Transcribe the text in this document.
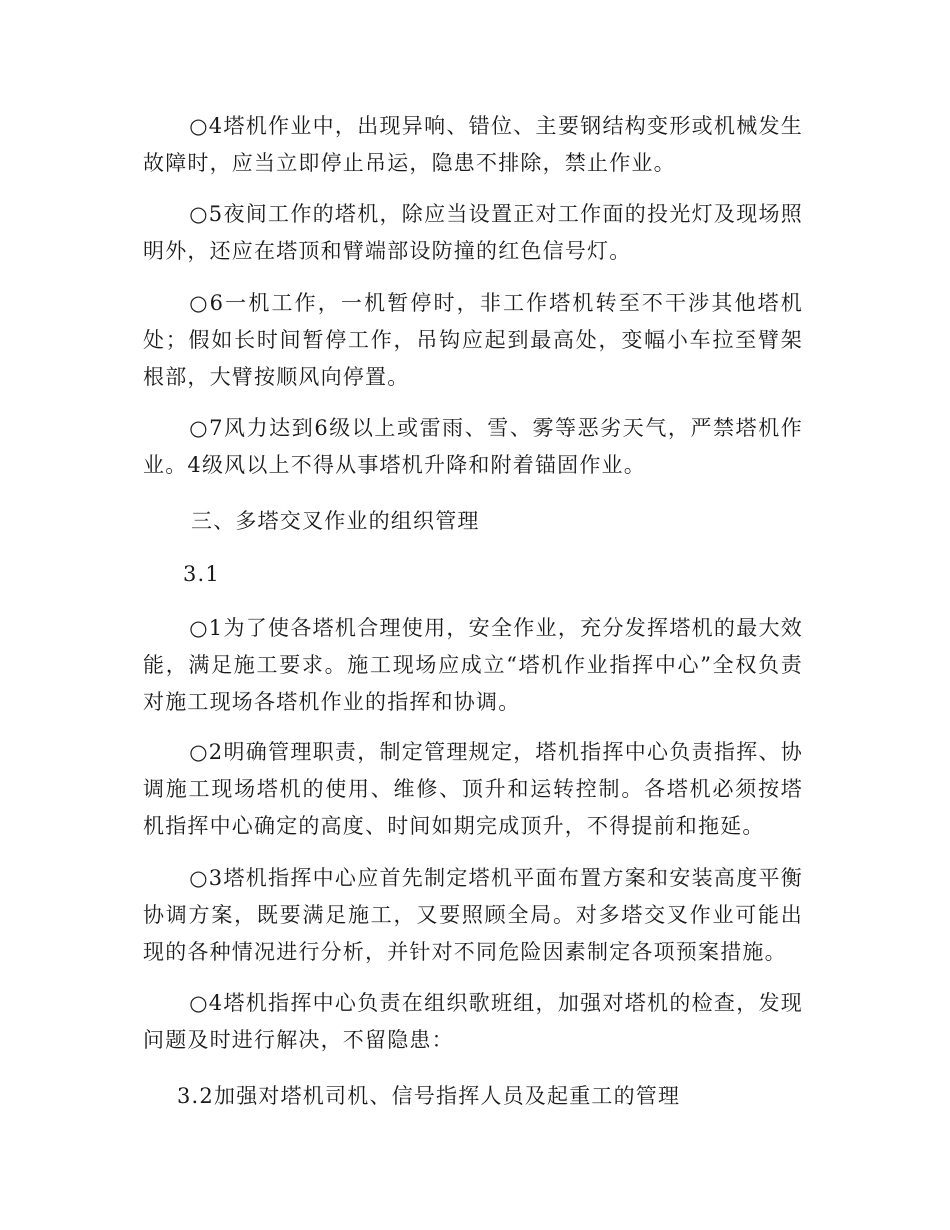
○4塔机作业中，出现异响、错位、主要钢结构变形或机械发生故障时，应当立即停止吊运，隐患不排除，禁止作业。

○5夜间工作的塔机，除应当设置正对工作面的投光灯及现场照明外，还应在塔顶和臂端部设防撞的红色信号灯。

○6一机工作，一机暂停时，非工作塔机转至不干涉其他塔机处；假如长时间暂停工作，吊钩应起到最高处，变幅小车拉至臂架根部，大臂按顺风向停置。

○7风力达到6级以上或雷雨、雪、雾等恶劣天气，严禁塔机作业。4级风以上不得从事塔机升降和附着锚固作业。

三、多塔交叉作业的组织管理

3.1

○1为了使各塔机合理使用，安全作业，充分发挥塔机的最大效能，满足施工要求。施工现场应成立“塔机作业指挥中心”全权负责对施工现场各塔机作业的指挥和协调。

○2明确管理职责，制定管理规定，塔机指挥中心负责指挥、协调施工现场塔机的使用、维修、顶升和运转控制。各塔机必须按塔机指挥中心确定的高度、时间如期完成顶升，不得提前和拖延。

○3塔机指挥中心应首先制定塔机平面布置方案和安装高度平衡协调方案，既要满足施工，又要照顾全局。对多塔交叉作业可能出现的各种情况进行分析，并针对不同危险因素制定各项预案措施。

○4塔机指挥中心负责在组织歌班组，加强对塔机的检查，发现问题及时进行解决，不留隐患：

3.2加强对塔机司机、信号指挥人员及起重工的管理
